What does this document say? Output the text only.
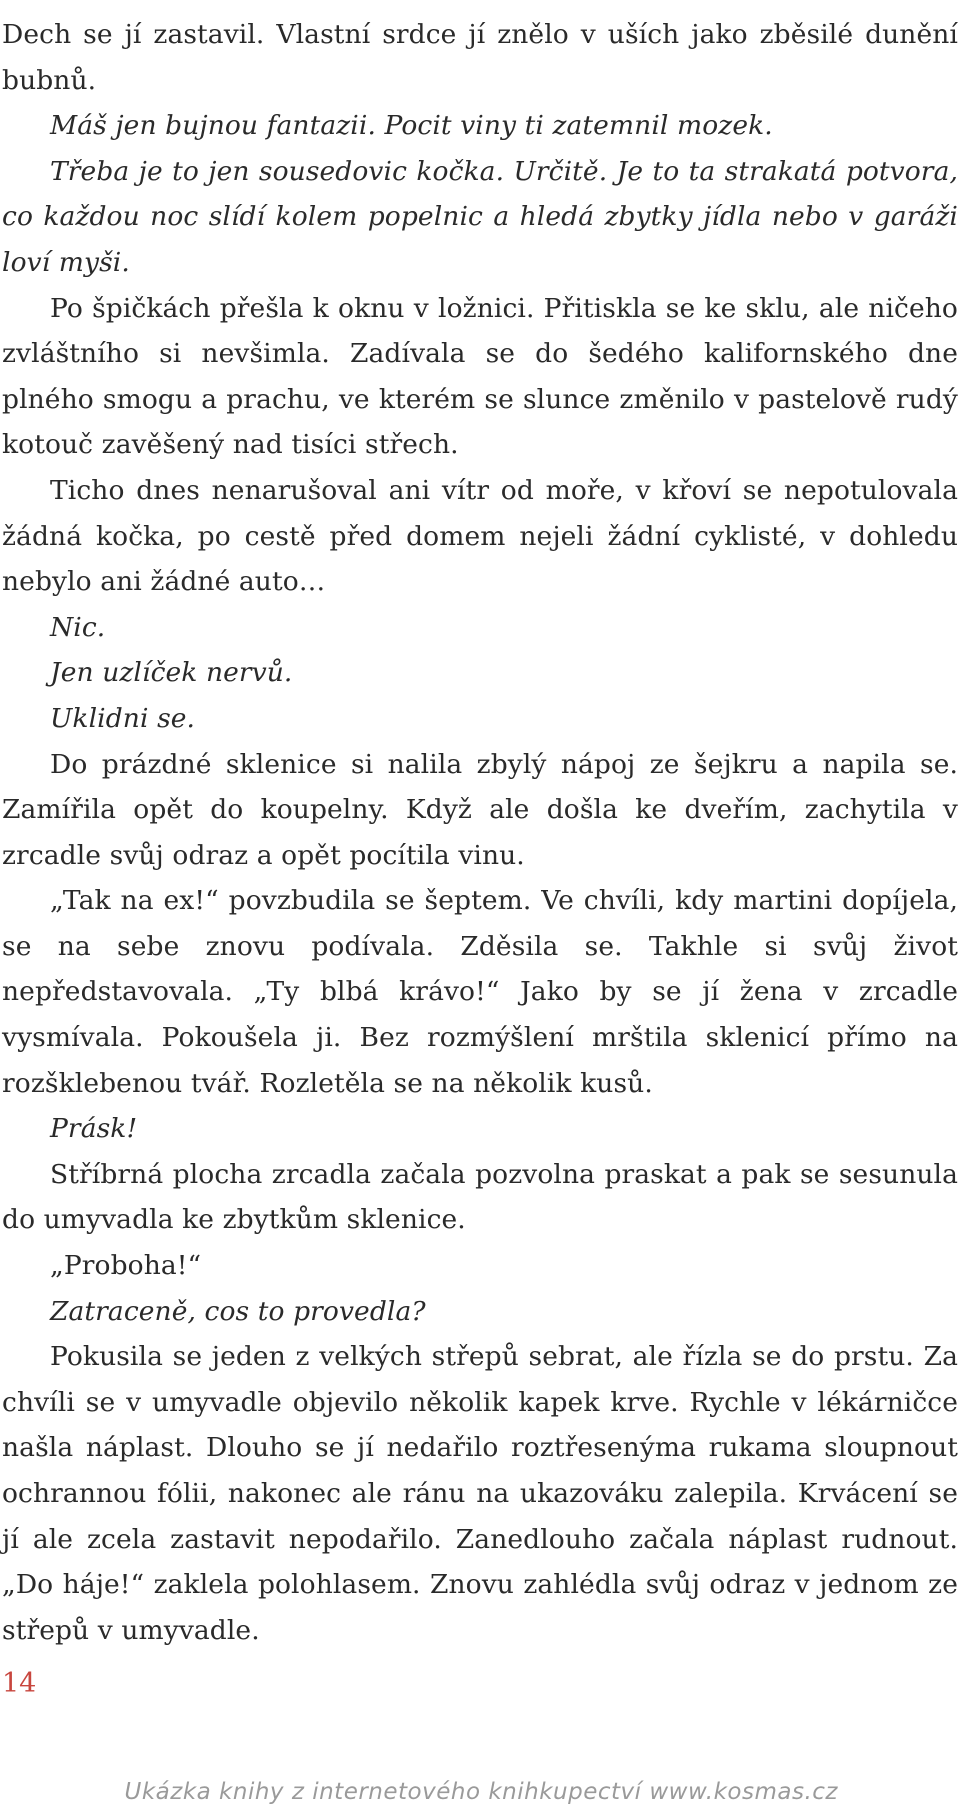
Dech se jí zastavil. Vlastní srdce jí znělo v uších jako zběsilé dunění bubnů.

Máš jen bujnou fantazii. Pocit viny ti zatemnil mozek.

Třeba je to jen sousedovic kočka. Určitě. Je to ta strakatá potvora, co každou noc slídí kolem popelnic a hledá zbytky jídla nebo v garáži loví myši.

Po špičkách přešla k oknu v ložnici. Přitiskla se ke sklu, ale ničeho zvláštního si nevšimla. Zadívala se do šedého kalifornského dne plného smogu a prachu, ve kterém se slunce změnilo v pastelově rudý kotouč zavěšený nad tisíci střech.

Ticho dnes nenarušoval ani vítr od moře, v křoví se nepotulovala žádná kočka, po cestě před domem nejeli žádní cyklisté, v dohledu nebylo ani žádné auto…

Nic.

Jen uzlíček nervů.

Uklidni se.

Do prázdné sklenice si nalila zbylý nápoj ze šejkru a napila se. Zamířila opět do koupelny. Když ale došla ke dveřím, zachytila v zrcadle svůj odraz a opět pocítila vinu.

„Tak na ex!“ povzbudila se šeptem. Ve chvíli, kdy martini dopíjela, se na sebe znovu podívala. Zděsila se. Takhle si svůj život nepředstavovala. „Ty blbá krávo!“ Jako by se jí žena v zrcadle vysmívala. Pokoušela ji. Bez rozmýšlení mrštila sklenicí přímo na rozšklebenou tvář. Rozletěla se na několik kusů.

Prásk!

Stříbrná plocha zrcadla začala pozvolna praskat a pak se sesunula do umyvadla ke zbytkům sklenice.

„Proboha!“

Zatraceně, cos to provedla?

Pokusila se jeden z velkých střepů sebrat, ale řízla se do prstu. Za chvíli se v umyvadle objevilo několik kapek krve. Rychle v lékárničce našla náplast. Dlouho se jí nedařilo roztřesenýma rukama sloupnout ochrannou fólii, nakonec ale ránu na ukazováku zalepila. Krvácení se jí ale zcela zastavit nepodařilo. Zanedlouho začala náplast rudnout. „Do háje!“ zaklela polohlasem. Znovu zahlédla svůj odraz v jednom ze střepů v umyvadle.

14
Ukázka knihy z internetového knihkupectví www.kosmas.cz
